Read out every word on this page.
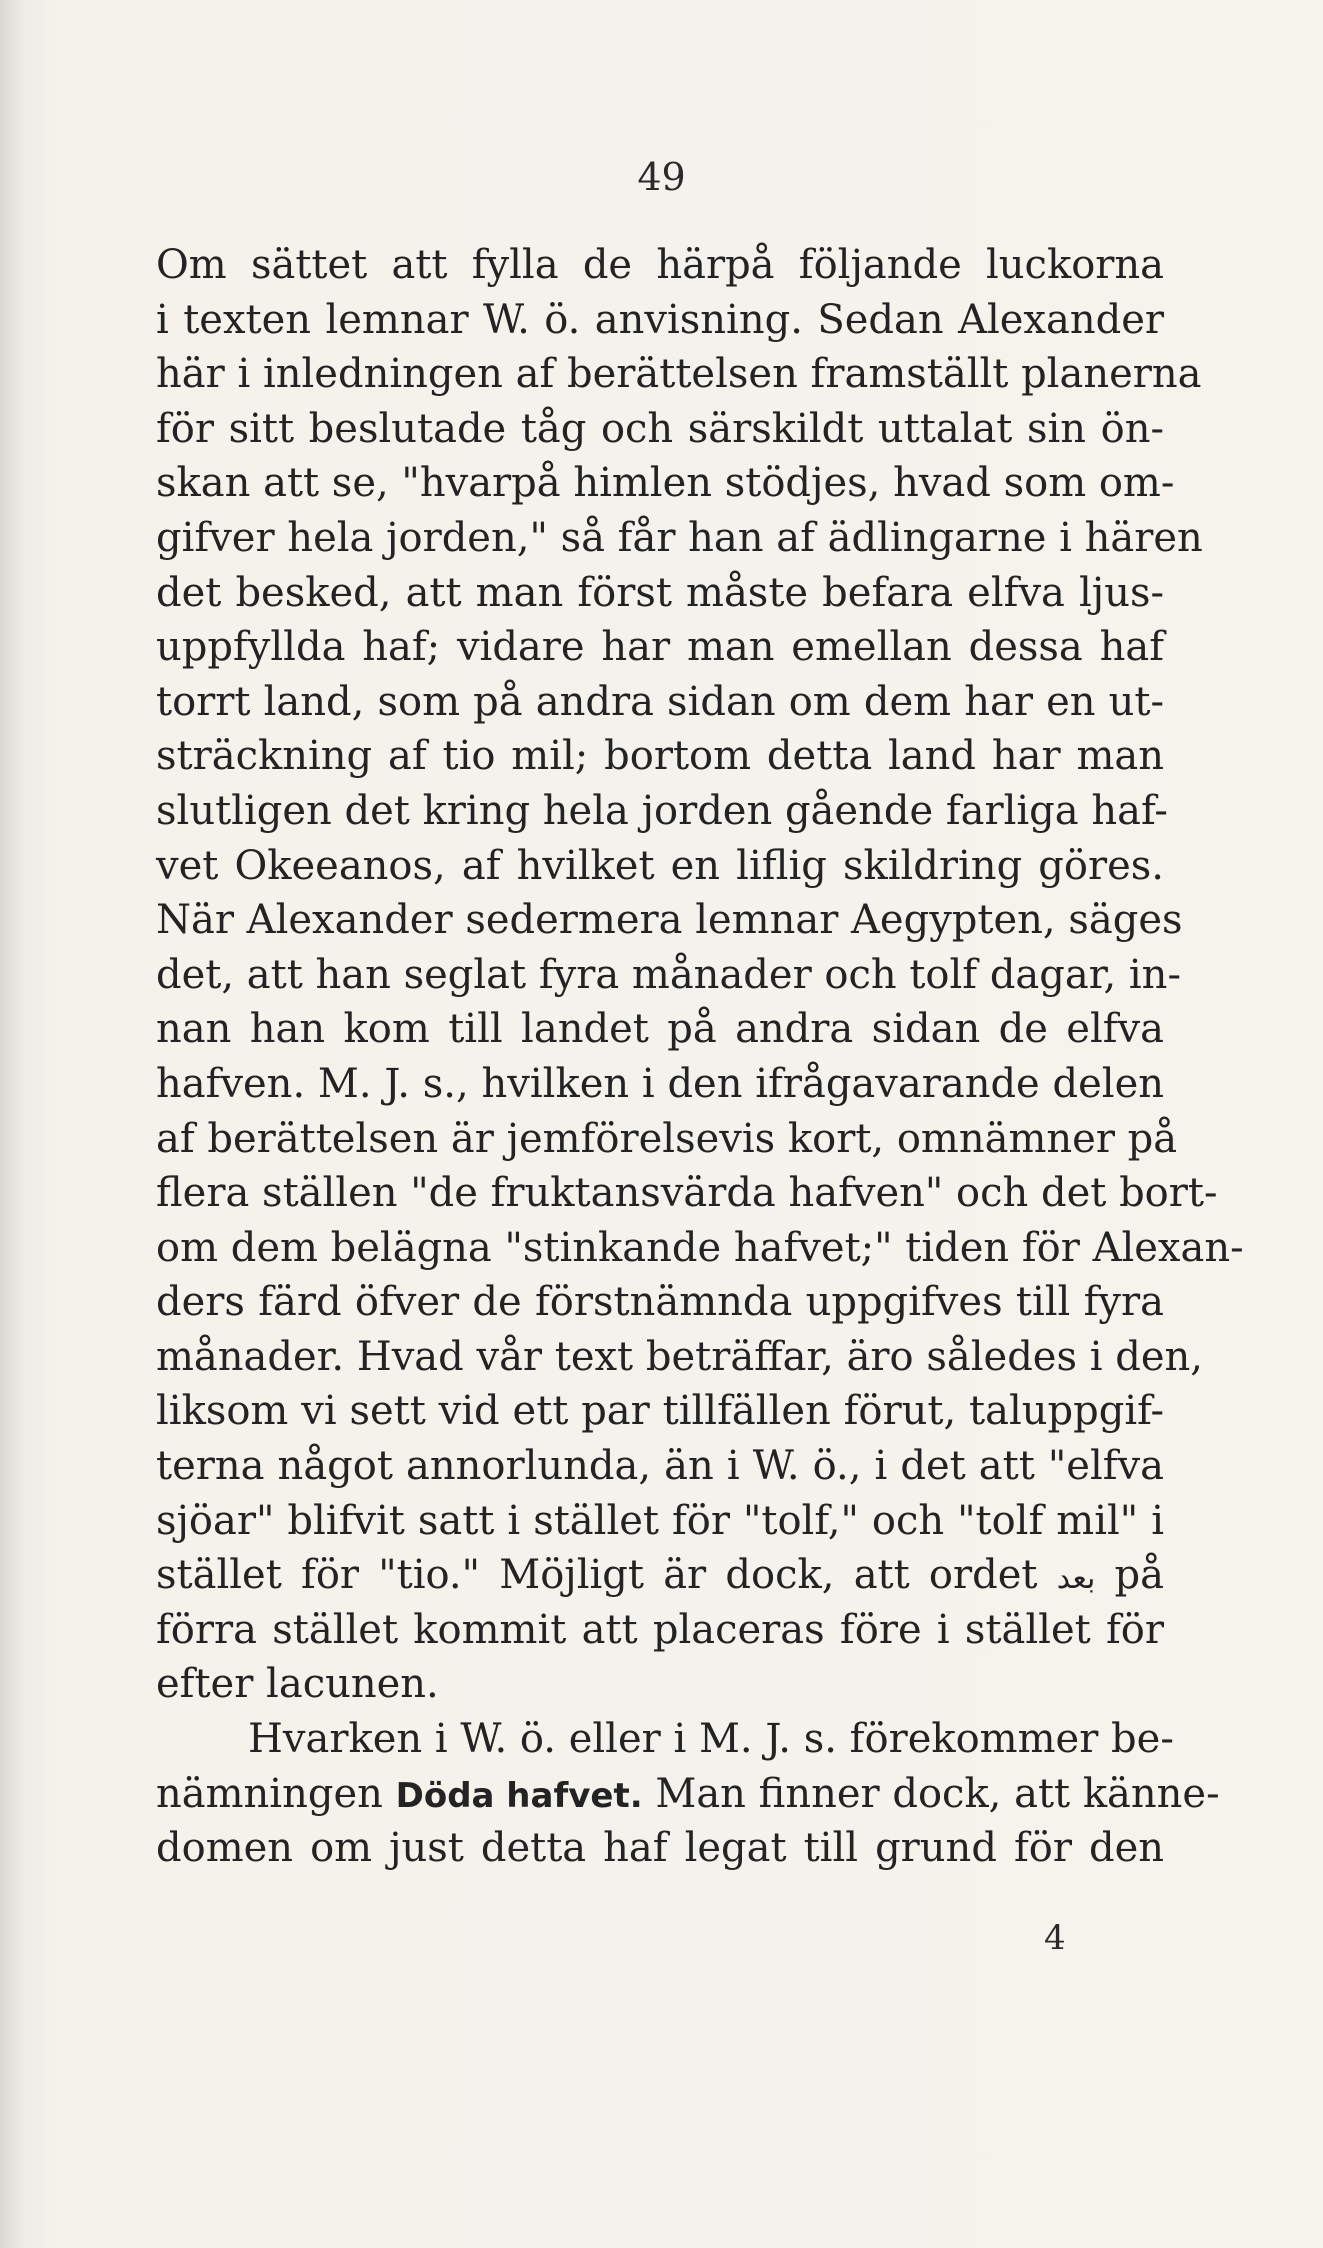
49
Om sättet att fylla de härpå följande luckorna
i texten lemnar W. ö. anvisning. Sedan Alexander
här i inledningen af berättelsen framställt planerna
för sitt beslutade tåg och särskildt uttalat sin ön-
skan att se, "hvarpå himlen stödjes, hvad som om-
gifver hela jorden," så får han af ädlingarne i hären
det besked, att man först måste befara elfva ljus-
uppfyllda haf; vidare har man emellan dessa haf
torrt land, som på andra sidan om dem har en ut-
sträckning af tio mil; bortom detta land har man
slutligen det kring hela jorden gående farliga haf-
vet Okeeanos, af hvilket en liflig skildring göres.
När Alexander sedermera lemnar Aegypten, säges
det, att han seglat fyra månader och tolf dagar, in-
nan han kom till landet på andra sidan de elfva
hafven. M. J. s., hvilken i den ifrågavarande delen
af berättelsen är jemförelsevis kort, omnämner på
flera ställen "de fruktansvärda hafven" och det bort-
om dem belägna "stinkande hafvet;" tiden för Alexan-
ders färd öfver de förstnämnda uppgifves till fyra
månader. Hvad vår text beträffar, äro således i den,
liksom vi sett vid ett par tillfällen förut, taluppgif-
terna något annorlunda, än i W. ö., i det att "elfva
sjöar" blifvit satt i stället för "tolf," och "tolf mil" i
stället för "tio." Möjligt är dock, att ordet ﺑﻌﺪ på
förra stället kommit att placeras före i stället för
efter lacunen.
Hvarken i W. ö. eller i M. J. s. förekommer be-
nämningen Döda hafvet. Man finner dock, att känne-
domen om just detta haf legat till grund för den
4
